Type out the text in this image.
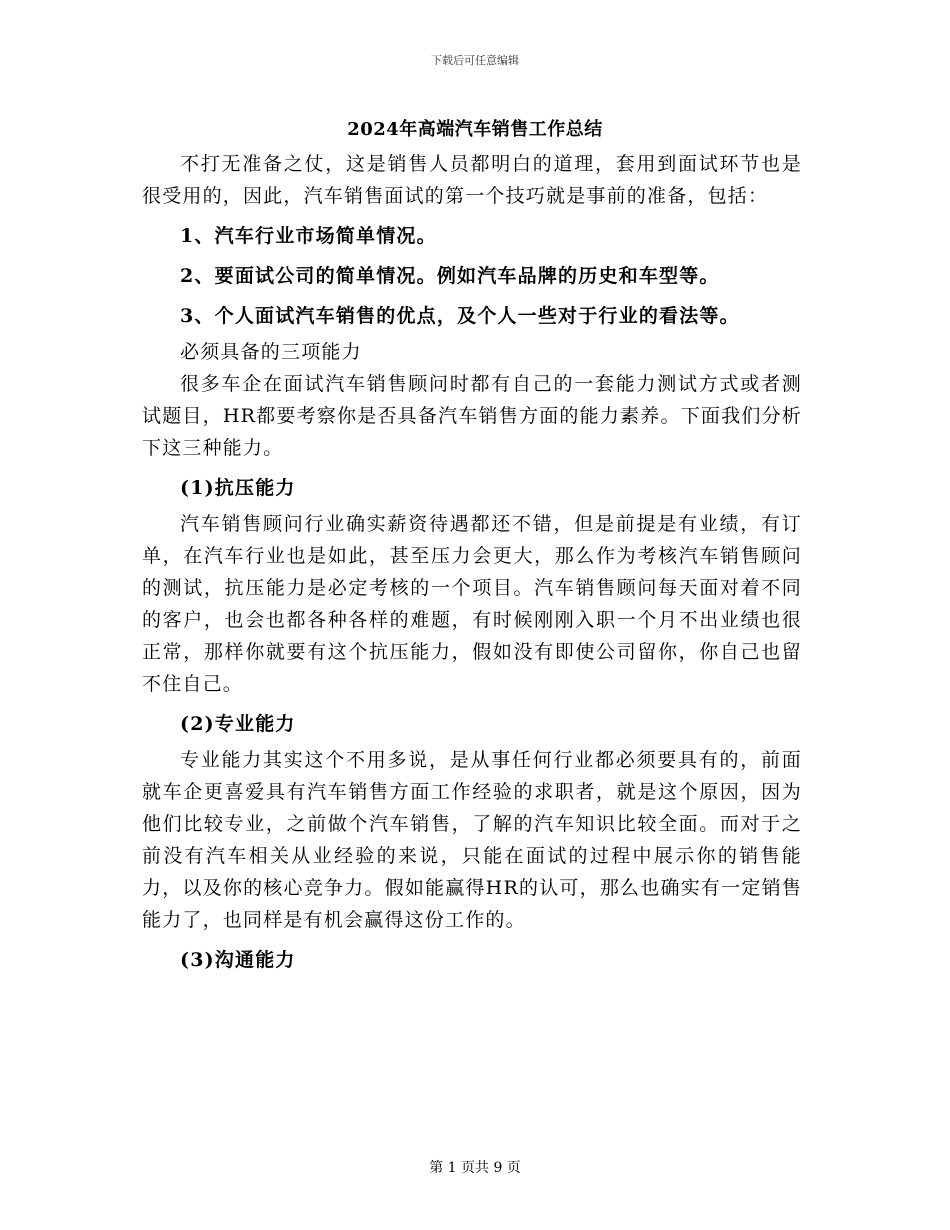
下载后可任意编辑
2024年高端汽车销售工作总结

不打无准备之仗，这是销售人员都明白的道理，套用到面试环节也是很受用的，因此，汽车销售面试的第一个技巧就是事前的准备，包括：

1、汽车行业市场简单情况。

2、要面试公司的简单情况。例如汽车品牌的历史和车型等。

3、个人面试汽车销售的优点，及个人一些对于行业的看法等。

必须具备的三项能力

很多车企在面试汽车销售顾问时都有自己的一套能力测试方式或者测试题目，HR都要考察你是否具备汽车销售方面的能力素养。下面我们分析下这三种能力。

(1)抗压能力

汽车销售顾问行业确实薪资待遇都还不错，但是前提是有业绩，有订单，在汽车行业也是如此，甚至压力会更大，那么作为考核汽车销售顾问的测试，抗压能力是必定考核的一个项目。汽车销售顾问每天面对着不同的客户，也会也都各种各样的难题，有时候刚刚入职一个月不出业绩也很正常，那样你就要有这个抗压能力，假如没有即使公司留你，你自己也留不住自己。

(2)专业能力

专业能力其实这个不用多说，是从事任何行业都必须要具有的，前面就车企更喜爱具有汽车销售方面工作经验的求职者，就是这个原因，因为他们比较专业，之前做个汽车销售，了解的汽车知识比较全面。而对于之前没有汽车相关从业经验的来说，只能在面试的过程中展示你的销售能力，以及你的核心竞争力。假如能赢得HR的认可，那么也确实有一定销售能力了，也同样是有机会赢得这份工作的。

(3)沟通能力

第 1 页共 9 页
